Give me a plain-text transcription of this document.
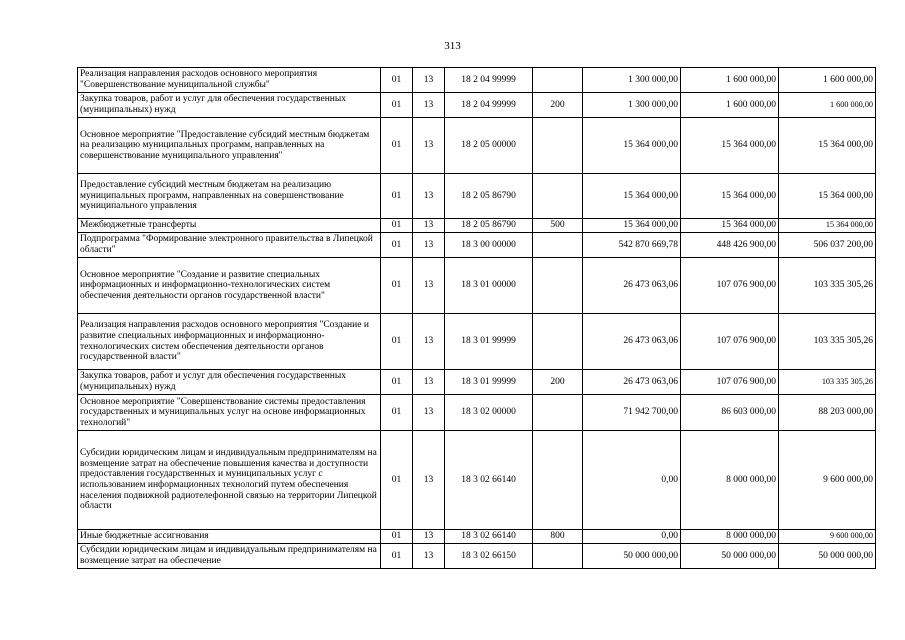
313
Реализация направления расходов основного мероприятия "Совершенствование муниципальной службы"	01	13	18 2 04 99999		1 300 000,00	1 600 000,00	1 600 000,00
Закупка товаров, работ и услуг для обеспечения государственных (муниципальных) нужд	01	13	18 2 04 99999	200	1 300 000,00	1 600 000,00	1 600 000,00
Основное мероприятие "Предоставление субсидий местным бюджетам на реализацию муниципальных программ, направленных на совершенствование муниципального управления"	01	13	18 2 05 00000		15 364 000,00	15 364 000,00	15 364 000,00
Предоставление субсидий местным бюджетам на реализацию муниципальных программ, направленных на совершенствование муниципального управления	01	13	18 2 05 86790		15 364 000,00	15 364 000,00	15 364 000,00
Межбюджетные трансферты	01	13	18 2 05 86790	500	15 364 000,00	15 364 000,00	15 364 000,00
Подпрограмма "Формирование электронного правительства в Липецкой области"	01	13	18 3 00 00000		542 870 669,78	448 426 900,00	506 037 200,00
Основное мероприятие "Создание и развитие специальных информационных и информационно-технологических систем обеспечения деятельности органов государственной власти"	01	13	18 3 01 00000		26 473 063,06	107 076 900,00	103 335 305,26
Реализация направления расходов основного мероприятия "Создание и развитие специальных информационных и информационно-технологических систем обеспечения деятельности органов государственной власти"	01	13	18 3 01 99999		26 473 063,06	107 076 900,00	103 335 305,26
Закупка товаров, работ и услуг для обеспечения государственных (муниципальных) нужд	01	13	18 3 01 99999	200	26 473 063,06	107 076 900,00	103 335 305,26
Основное мероприятие "Совершенствование системы предоставления государственных и муниципальных услуг на основе информационных технологий"	01	13	18 3 02 00000		71 942 700,00	86 603 000,00	88 203 000,00
Субсидии юридическим лицам и индивидуальным предпринимателям на возмещение затрат на обеспечение повышения качества и доступности предоставления государственных и муниципальных услуг с использованием информационных технологий путем обеспечения населения подвижной радиотелефонной связью на территории Липецкой области	01	13	18 3 02 66140		0,00	8 000 000,00	9 600 000,00
Иные бюджетные ассигнования	01	13	18 3 02 66140	800	0,00	8 000 000,00	9 600 000,00
Субсидии юридическим лицам и индивидуальным предпринимателям на возмещение затрат на обеспечение	01	13	18 3 02 66150		50 000 000,00	50 000 000,00	50 000 000,00
